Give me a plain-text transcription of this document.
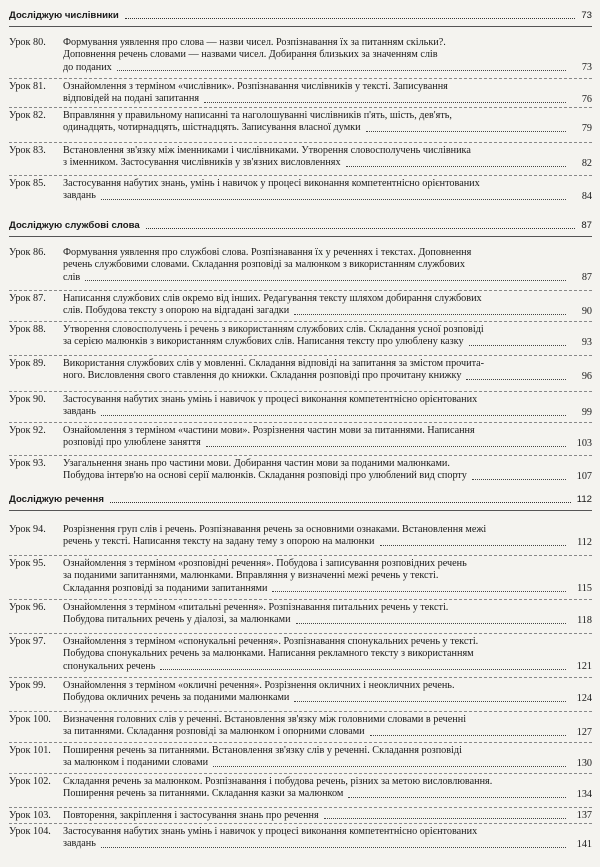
Досліджую числівники	73
Урок 80.	Формування уявлення про слова — назви чисел. Розпізнавання їх за питанням скільки?.
Доповнення речень словами — назвами чисел. Добирання близьких за значенням слів
до поданих	73
Урок 81.	Ознайомлення з терміном «числівник». Розпізнавання числівників у тексті. Записування
відповідей на подані запитання	76
Урок 82.	Вправляння у правильному написанні та наголошуванні числівників п'ять, шість, дев'ять,
одинадцять, чотирнадцять, шістнадцять. Записування власної думки	79
Урок 83.	Встановлення зв'язку між іменниками і числівниками. Утворення словосполучень числівника
з іменником. Застосування числівників у зв'язних висловленнях	82
Урок 85.	Застосування набутих знань, умінь і навичок у процесі виконання компетентнісно орієнтованих
завдань	84
Досліджую службові слова	87
Урок 86.	Формування уявлення про службові слова. Розпізнавання їх у реченнях і текстах. Доповнення
речень службовими словами. Складання розповіді за малюнком з використанням службових
слів	87
Урок 87.	Написання службових слів окремо від інших. Редагування тексту шляхом добирання службових
слів. Побудова тексту з опорою на відгадані загадки	90
Урок 88.	Утворення словосполучень і речень з використанням службових слів. Складання усної розповіді
за серією малюнків з використанням службових слів. Написання тексту про улюблену казку	93
Урок 89.	Використання службових слів у мовленні. Складання відповіді на запитання за змістом прочита-
ного. Висловлення свого ставлення до книжки. Складання розповіді про прочитану книжку	96
Урок 90.	Застосування набутих знань умінь і навичок у процесі виконання компетентнісно орієнтованих
завдань	99
Урок 92.	Ознайомлення з терміном «частини мови». Розрізнення частин мови за питаннями. Написання
розповіді про улюблене заняття	103
Урок 93.	Узагальнення знань про частини мови. Добирання частин мови за поданими малюнками.
Побудова інтерв'ю на основі серії малюнків. Складання розповіді про улюблений вид спорту	107
Досліджую речення	112
Урок 94.	Розрізнення груп слів і речень. Розпізнавання речень за основними ознаками. Встановлення межі
речень у тексті. Написання тексту на задану тему з опорою на малюнки	112
Урок 95.	Ознайомлення з терміном «розповідні речення». Побудова і записування розповідних речень
за поданими запитаннями, малюнками. Вправляння у визначенні межі речень у тексті.
Складання розповіді за поданими запитаннями	115
Урок 96.	Ознайомлення з терміном «питальні речення». Розпізнавання питальних речень у тексті.
Побудова питальних речень у діалозі, за малюнками	118
Урок 97.	Ознайомлення з терміном «спонукальні речення». Розпізнавання спонукальних речень у тексті.
Побудова спонукальних речень за малюнками. Написання рекламного тексту з використанням
спонукальних речень	121
Урок 99.	Ознайомлення з терміном «окличні речення». Розрізнення окличних і неокличних речень.
Побудова окличних речень за поданими малюнками	124
Урок 100.	Визначення головних слів у реченні. Встановлення зв'язку між головними словами в реченні
за питаннями. Складання розповіді за малюнком і опорними словами	127
Урок 101.	Поширення речень за питаннями. Встановлення зв'язку слів у реченні. Складання розповіді
за малюнком і поданими словами	130
Урок 102.	Складання речень за малюнком. Розпізнавання і побудова речень, різних за метою висловлювання.
Поширення речень за питаннями. Складання казки за малюнком	134
Урок 103.	Повторення, закріплення і застосування знань про речення	137
Урок 104.	Застосування набутих знань умінь і навичок у процесі виконання компетентнісно орієнтованих
завдань	141
